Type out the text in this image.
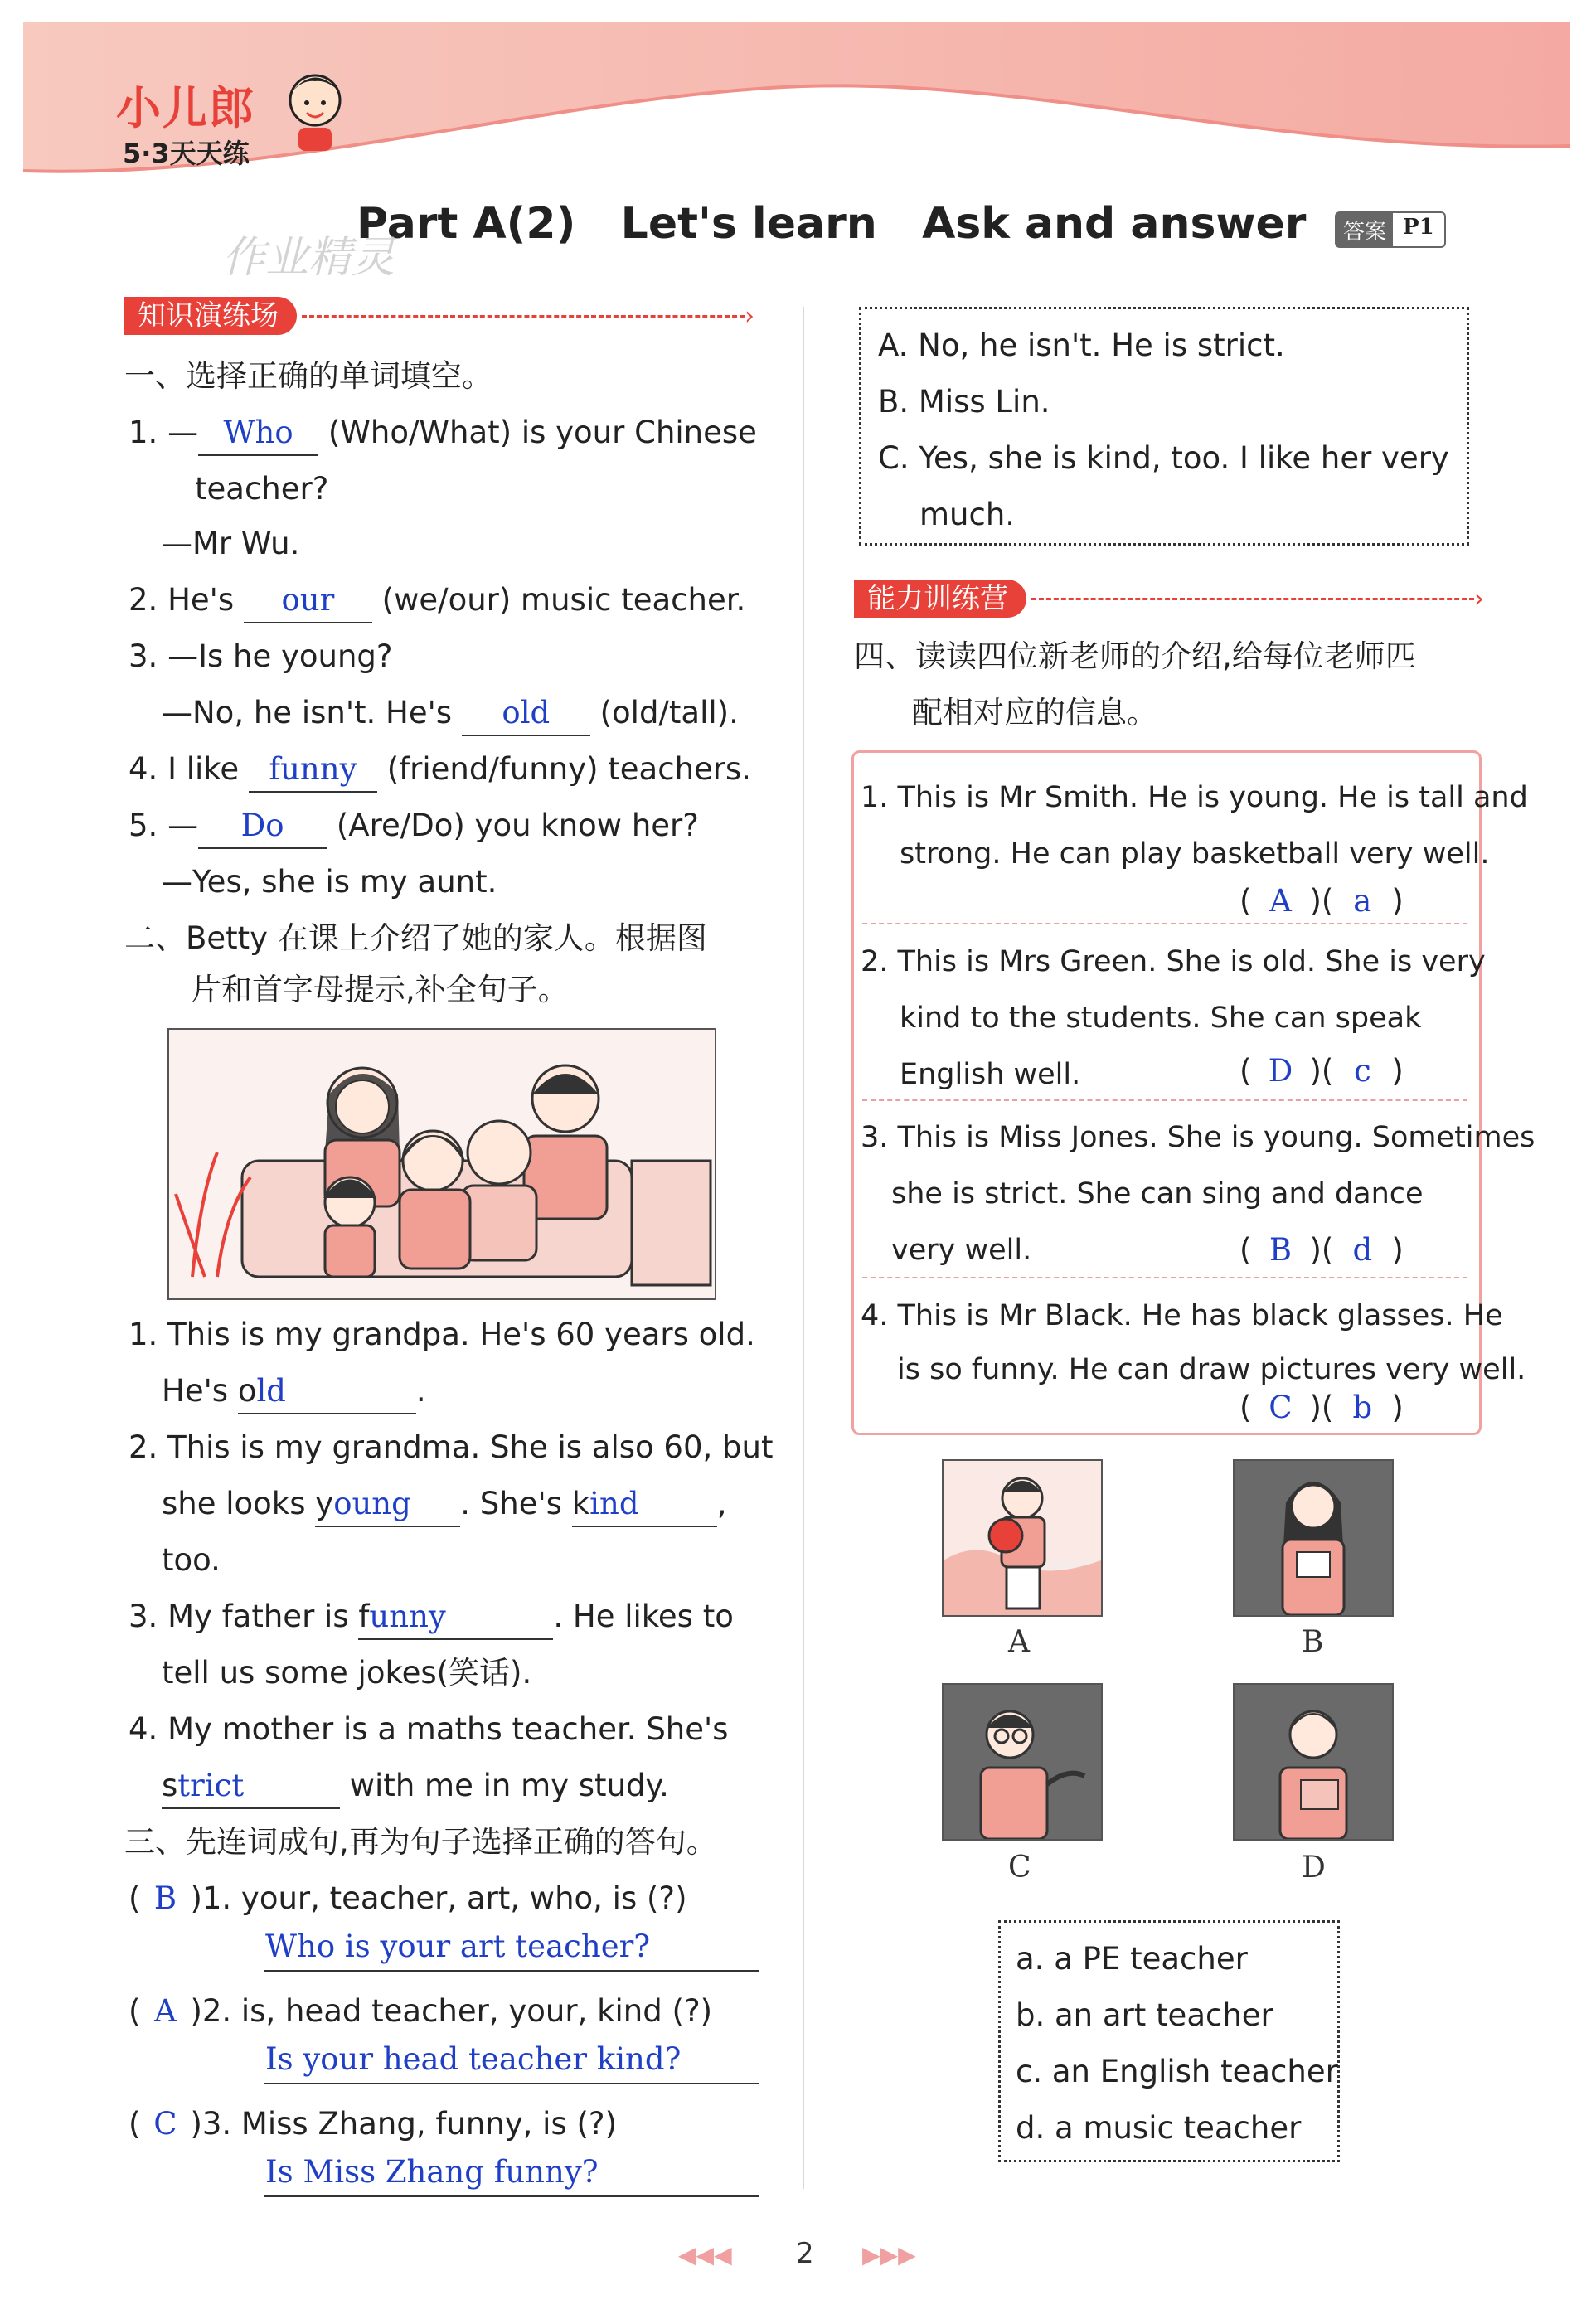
小儿郎
5·3天天练
Part A(2)   Let's learn   Ask and answer
作业精灵
答案 P1
知识演练场	›
一、选择正确的单词填空。
1. — Who (Who/What) is your Chinese
teacher?
—Mr Wu.
2. He's our (we/our) music teacher.
3. —Is he young?
—No, he isn't. He's old (old/tall).
4. I like funny (friend/funny) teachers.
5. — Do (Are/Do) you know her?
—Yes, she is my aunt.
二、Betty 在课上介绍了她的家人。根据图
片和首字母提示,补全句子。
1. This is my grandpa. He's 60 years old.
He's old	.
2. This is my grandma. She is also 60, but
she looks young . She's kind	,
too.
3. My father is funny	. He likes to
tell us some jokes(笑话).
4. My mother is a maths teacher. She's
strict	with me in my study.
三、先连词成句,再为句子选择正确的答句。
( B )1. your, teacher, art, who, is (?)
Who is your art teacher?
( A )2. is, head teacher, your, kind (?)
Is your head teacher kind?
( C )3. Miss Zhang, funny, is (?)
Is Miss Zhang funny?
A. No, he isn't. He is strict.
B. Miss Lin.
C. Yes, she is kind, too. I like her very
much.
能力训练营	›
四、读读四位新老师的介绍,给每位老师匹
配相对应的信息。
1. This is Mr Smith. He is young. He is tall and
strong. He can play basketball very well.
( A )( a )
2. This is Mrs Green. She is old. She is very
kind to the students. She can speak
English well.	( D )( c )
3. This is Miss Jones. She is young. Sometimes
she is strict. She can sing and dance
very well.	( B )( d )
4. This is Mr Black. He has black glasses. He
is so funny. He can draw pictures very well.
( C )( b )
A	B
C	D
a. a PE teacher
b. an art teacher
c. an English teacher
d. a music teacher
◀◀◀ 2 ▶▶▶
